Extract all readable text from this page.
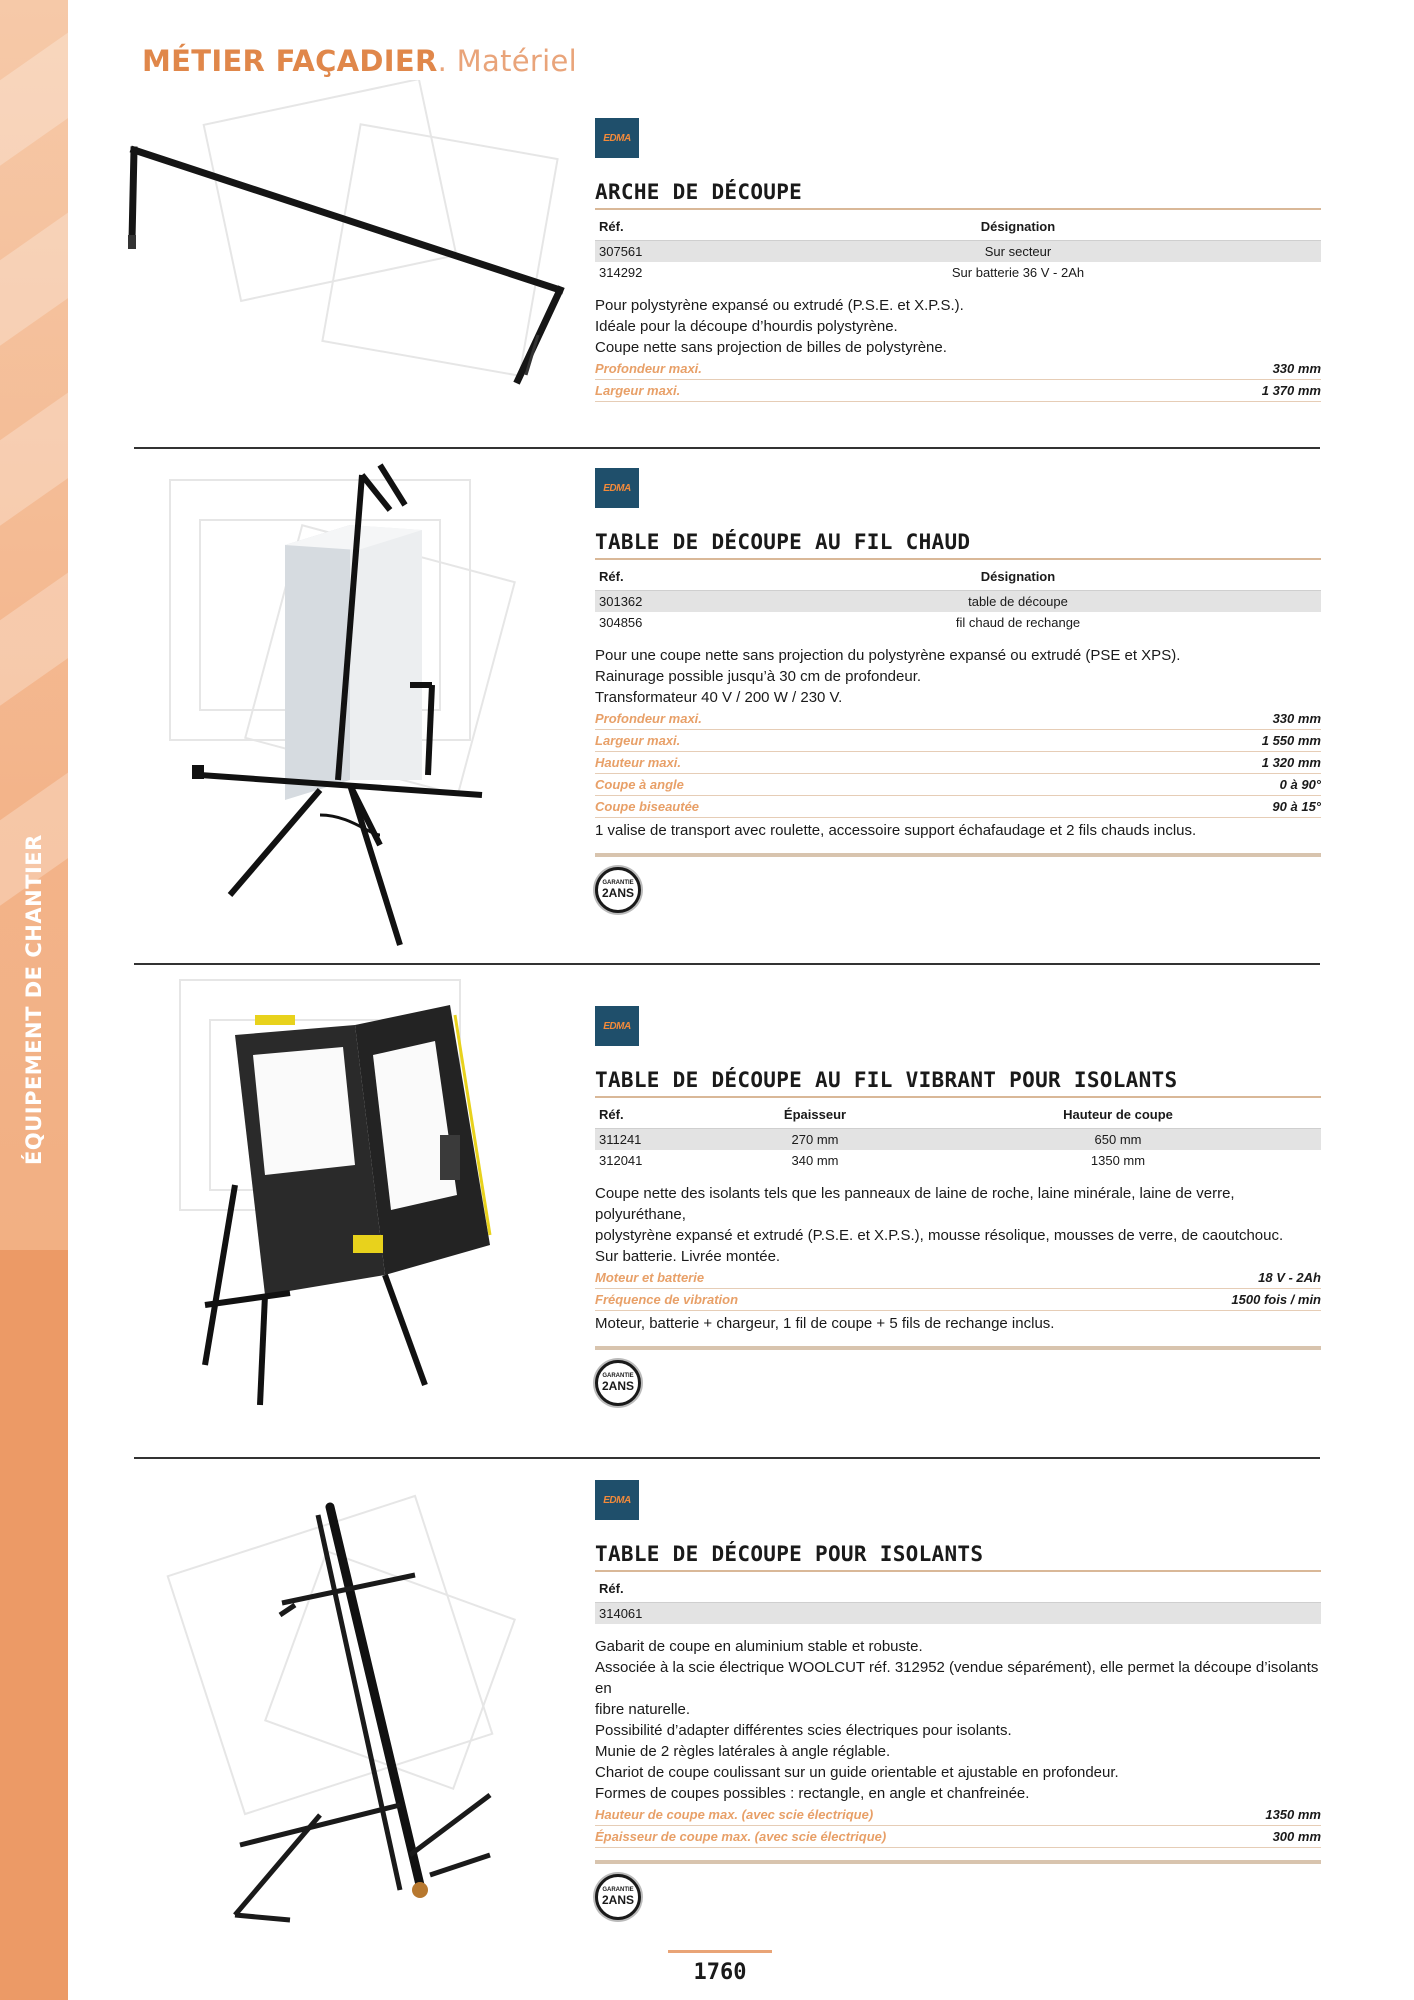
ÉQUIPEMENT DE CHANTIER
MÉTIER FAÇADIER. Matériel
EDMA
ARCHE DE DÉCOUPE
Réf.	Désignation
307561	Sur secteur
314292	Sur batterie 36 V - 2Ah
Pour polystyrène expansé ou extrudé (P.S.E. et X.P.S.).
Idéale pour la découpe d’hourdis polystyrène.
Coupe nette sans projection de billes de polystyrène.
Profondeur maxi.	330 mm
Largeur maxi.	1 370 mm
EDMA
TABLE DE DÉCOUPE AU FIL CHAUD
Réf.	Désignation
301362	table de découpe
304856	fil chaud de rechange
Pour une coupe nette sans projection du polystyrène expansé ou extrudé (PSE et XPS).
Rainurage possible jusqu’à 30 cm de profondeur.
Transformateur 40 V / 200 W / 230 V.
Profondeur maxi.	330 mm
Largeur maxi.	1 550 mm
Hauteur maxi.	1 320 mm
Coupe à angle	0 à 90°
Coupe biseautée	90 à 15°
1 valise de transport avec roulette, accessoire support échafaudage et 2 fils chauds inclus.
GARANTIE
2ANS
EDMA
TABLE DE DÉCOUPE AU FIL VIBRANT POUR ISOLANTS
Réf.	Épaisseur	Hauteur de coupe
311241	270 mm	650 mm
312041	340 mm	1350 mm
Coupe nette des isolants tels que les panneaux de laine de roche, laine minérale, laine de verre, polyuréthane,
polystyrène expansé et extrudé (P.S.E. et X.P.S.), mousse résolique, mousses de verre, de caoutchouc.
Sur batterie. Livrée montée.
Moteur et batterie	18 V - 2Ah
Fréquence de vibration	1500 fois / min
Moteur, batterie + chargeur, 1 fil de coupe + 5 fils de rechange inclus.
GARANTIE
2ANS
EDMA
TABLE DE DÉCOUPE POUR ISOLANTS
Réf.
314061
Gabarit de coupe en aluminium stable et robuste.
Associée à la scie électrique WOOLCUT réf. 312952 (vendue séparément), elle permet la découpe d’isolants en
fibre naturelle.
Possibilité d’adapter différentes scies électriques pour isolants.
Munie de 2 règles latérales à angle réglable.
Chariot de coupe coulissant sur un guide orientable et ajustable en profondeur.
Formes de coupes possibles : rectangle, en angle et chanfreinée.
Hauteur de coupe max. (avec scie électrique)	1350 mm
Épaisseur de coupe max. (avec scie électrique)	300 mm
GARANTIE
2ANS
1760
